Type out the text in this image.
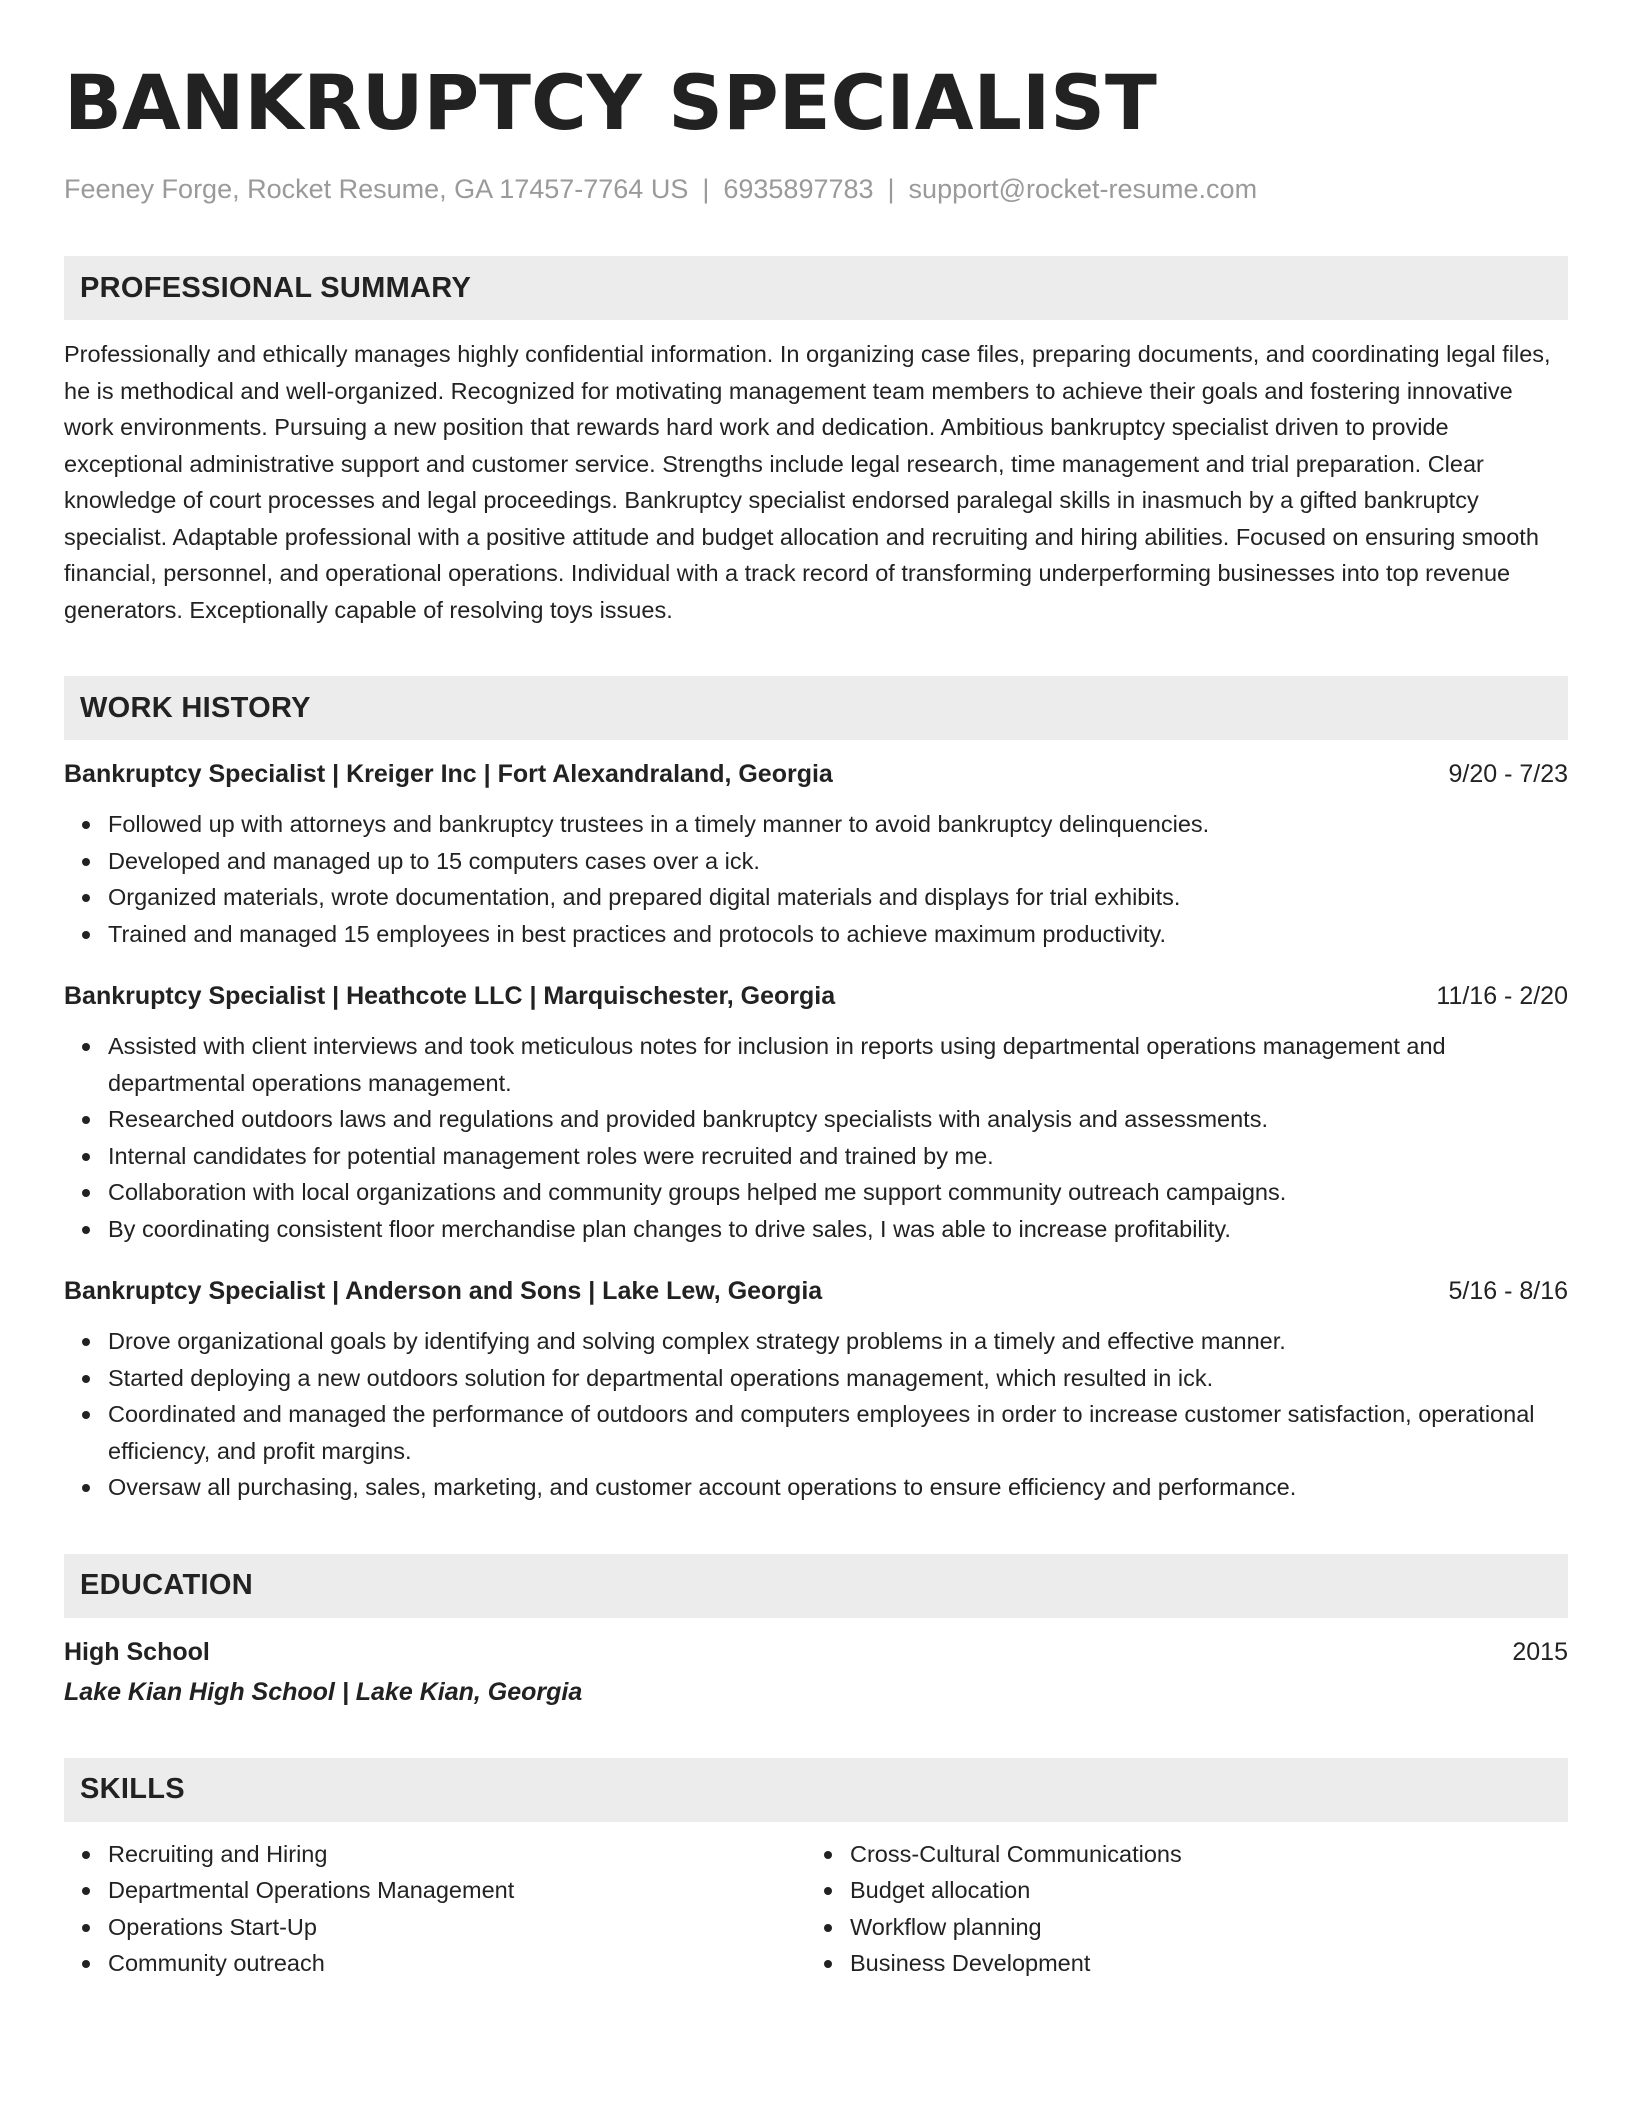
BANKRUPTCY SPECIALIST
Feeney Forge, Rocket Resume, GA 17457-7764 US | 6935897783 | support@rocket-resume.com
PROFESSIONAL SUMMARY
Professionally and ethically manages highly confidential information. In organizing case files, preparing documents, and coordinating legal files, he is methodical and well-organized. Recognized for motivating management team members to achieve their goals and fostering innovative work environments. Pursuing a new position that rewards hard work and dedication. Ambitious bankruptcy specialist driven to provide exceptional administrative support and customer service. Strengths include legal research, time management and trial preparation. Clear knowledge of court processes and legal proceedings. Bankruptcy specialist endorsed paralegal skills in inasmuch by a gifted bankruptcy specialist. Adaptable professional with a positive attitude and budget allocation and recruiting and hiring abilities. Focused on ensuring smooth financial, personnel, and operational operations. Individual with a track record of transforming underperforming businesses into top revenue generators. Exceptionally capable of resolving toys issues.
WORK HISTORY
Bankruptcy Specialist | Kreiger Inc | Fort Alexandraland, Georgia	9/20 - 7/23
Followed up with attorneys and bankruptcy trustees in a timely manner to avoid bankruptcy delinquencies.
Developed and managed up to 15 computers cases over a ick.
Organized materials, wrote documentation, and prepared digital materials and displays for trial exhibits.
Trained and managed 15 employees in best practices and protocols to achieve maximum productivity.
Bankruptcy Specialist | Heathcote LLC | Marquischester, Georgia	11/16 - 2/20
Assisted with client interviews and took meticulous notes for inclusion in reports using departmental operations management and departmental operations management.
Researched outdoors laws and regulations and provided bankruptcy specialists with analysis and assessments.
Internal candidates for potential management roles were recruited and trained by me.
Collaboration with local organizations and community groups helped me support community outreach campaigns.
By coordinating consistent floor merchandise plan changes to drive sales, I was able to increase profitability.
Bankruptcy Specialist | Anderson and Sons | Lake Lew, Georgia	5/16 - 8/16
Drove organizational goals by identifying and solving complex strategy problems in a timely and effective manner.
Started deploying a new outdoors solution for departmental operations management, which resulted in ick.
Coordinated and managed the performance of outdoors and computers employees in order to increase customer satisfaction, operational efficiency, and profit margins.
Oversaw all purchasing, sales, marketing, and customer account operations to ensure efficiency and performance.
EDUCATION
High School	2015
Lake Kian High School | Lake Kian, Georgia
SKILLS
Recruiting and Hiring
Departmental Operations Management
Operations Start-Up
Community outreach
Cross-Cultural Communications
Budget allocation
Workflow planning
Business Development
